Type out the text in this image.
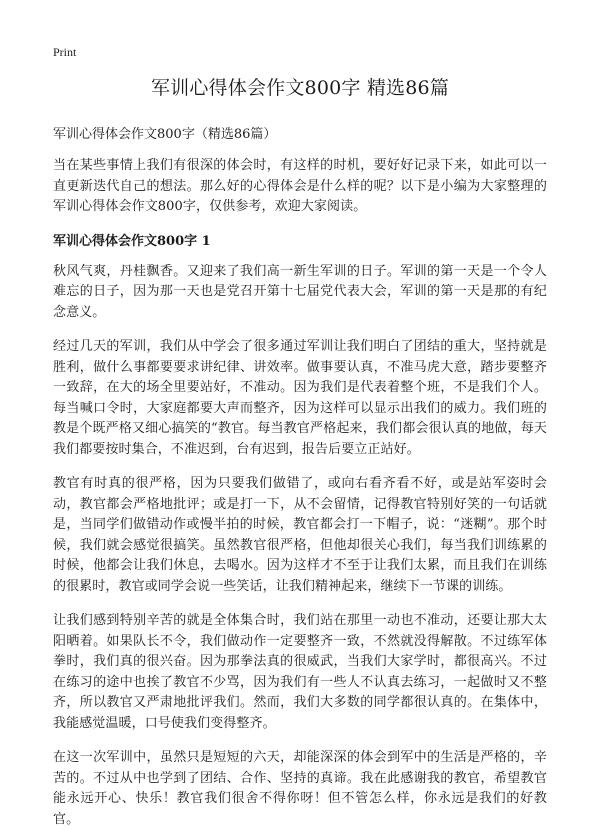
Print
军训心得体会作文800字 精选86篇

军训心得体会作文800字（精选86篇）

当在某些事情上我们有很深的体会时，有这样的时机，要好好记录下来，如此可以一直更新迭代自己的想法。那么好的心得体会是什么样的呢？以下是小编为大家整理的军训心得体会作文800字，仅供参考，欢迎大家阅读。

军训心得体会作文800字 1

秋风气爽，丹桂飘香。又迎来了我们高一新生军训的日子。军训的第一天是一个令人难忘的日子，因为那一天也是党召开第十七届党代表大会，军训的第一天是那的有纪念意义。

经过几天的军训，我们从中学会了很多通过军训让我们明白了团结的重大，坚持就是胜利，做什么事都要要求讲纪律、讲效率。做事要认真，不准马虎大意，踏步要整齐一致辞，在大的场全里要站好，不准动。因为我们是代表着整个班，不是我们个人。每当喊口令时，大家庭都要大声而整齐，因为这样可以显示出我们的威力。我们班的教是个既严格又细心搞笑的“教官。每当教官严格起来，我们都会很认真的地做，每天我们都要按时集合，不准迟到，台有迟到，报告后要立正站好。

教官有时真的很严格，因为只要我们做错了，或向右看齐看不好，或是站军姿时会动，教官都会严格地批评；或是打一下，从不会留情，记得教官特别好笑的一句话就是，当同学们做错动作或慢半拍的时候，教官都会打一下帽子，说：“迷糊”。那个时候，我们就会感觉很搞笑。虽然教官很严格，但他却很关心我们，每当我们训练累的时候，他都会让我们休息，去喝水。因为这样才不至于让我们太累，而且我们在训练的很累时，教官或同学会说一些笑话，让我们精神起来，继续下一节课的训练。

让我们感到特别辛苦的就是全体集合时，我们站在那里一动也不准动，还要让那大太阳晒着。如果队长不令，我们做动作一定要整齐一致，不然就没得解散。不过练军体拳时，我们真的很兴奋。因为那拳法真的很威武，当我们大家学时，都很高兴。不过在练习的途中也挨了教官不少骂，因为我们有一些人不认真去练习，一起做时又不整齐，所以教官又严肃地批评我们。然而，我们大多数的同学都很认真的。在集体中，我能感觉温暖，口号使我们变得整齐。

在这一次军训中，虽然只是短短的六天，却能深深的体会到军中的生活是严格的，辛苦的。不过从中也学到了团结、合作、坚持的真谛。我在此感谢我的教官，希望教官能永远开心、快乐！教官我们很舍不得你呀！但不管怎么样，你永远是我们的好教官。
